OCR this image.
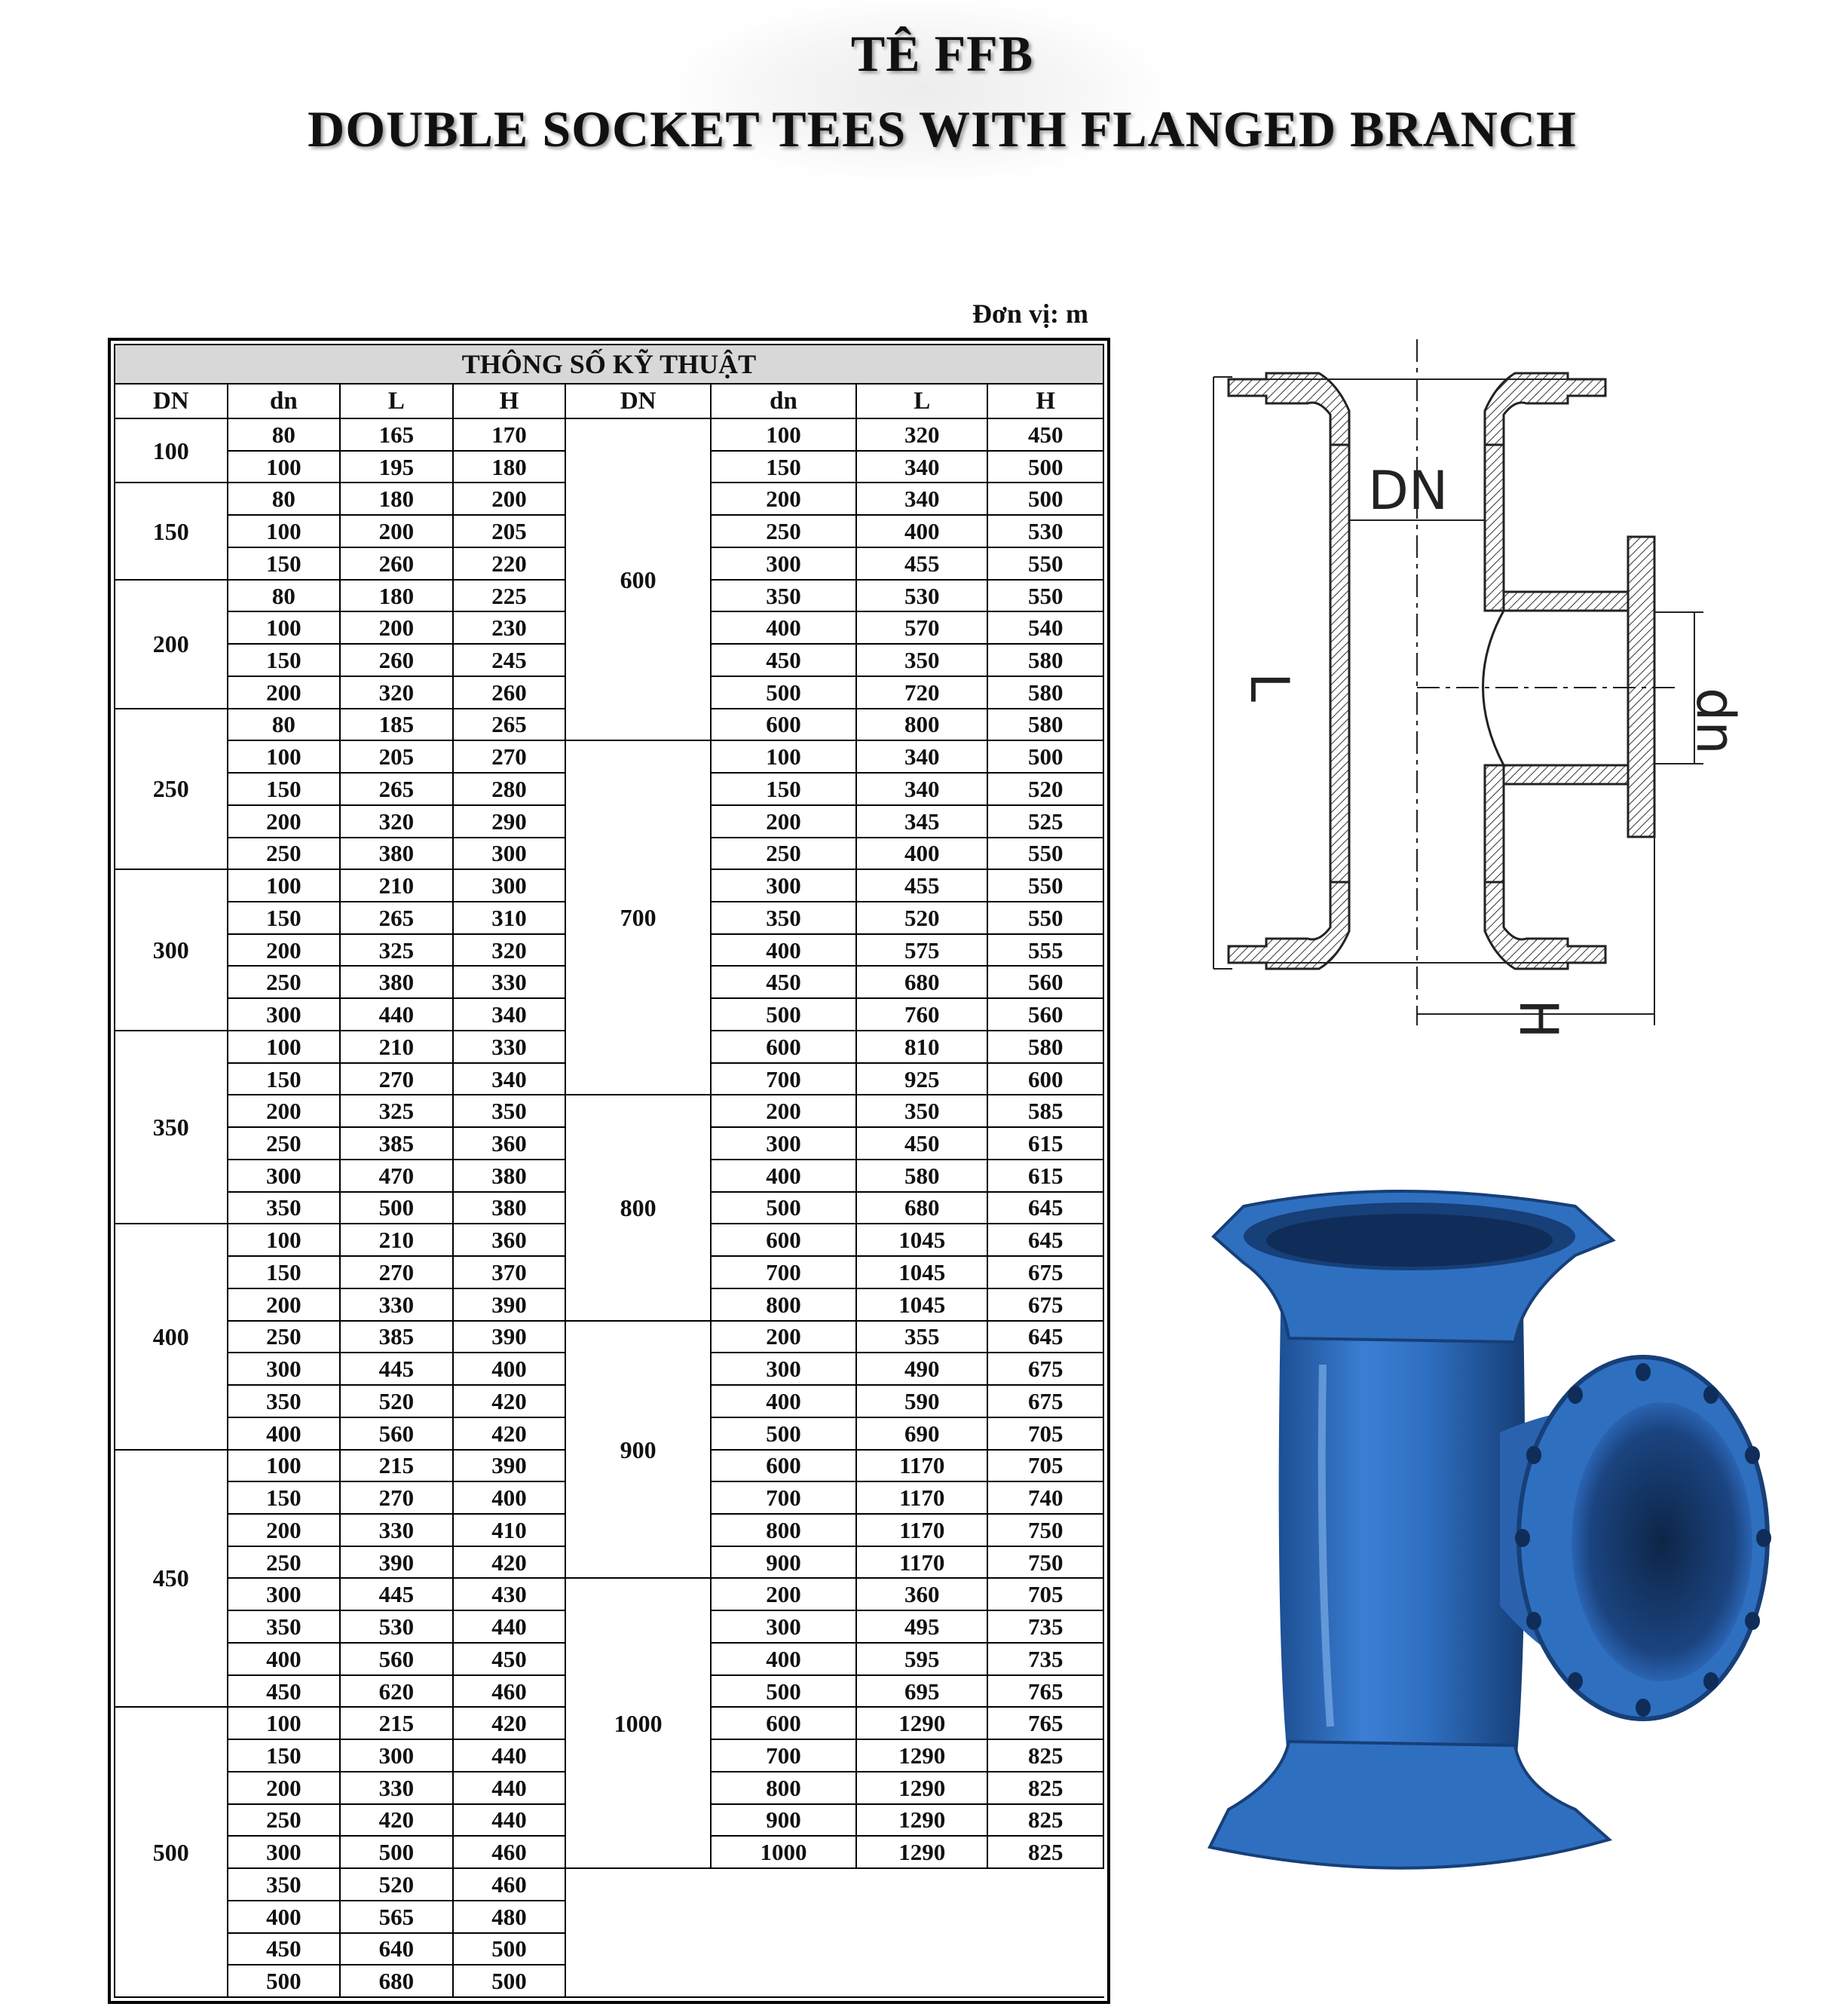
TÊ FFB
DOUBLE SOCKET TEES WITH FLANGED BRANCH
Đơn vị: m
THÔNG SỐ KỸ THUẬT							
DN	dn	L	H	DN	dn	L	H
100	80	165	170	600	100	320	450
	100	195	180		150	340	500
150	80	180	200		200	340	500
	100	200	205		250	400	530
	150	260	220		300	455	550
200	80	180	225		350	530	550
	100	200	230		400	570	540
	150	260	245		450	350	580
	200	320	260		500	720	580
250	80	185	265		600	800	580
	100	205	270	700	100	340	500
	150	265	280		150	340	520
	200	320	290		200	345	525
	250	380	300		250	400	550
300	100	210	300		300	455	550
	150	265	310		350	520	550
	200	325	320		400	575	555
	250	380	330		450	680	560
	300	440	340		500	760	560
350	100	210	330		600	810	580
	150	270	340		700	925	600
	200	325	350	800	200	350	585
	250	385	360		300	450	615
	300	470	380		400	580	615
	350	500	380		500	680	645
400	100	210	360		600	1045	645
	150	270	370		700	1045	675
	200	330	390		800	1045	675
	250	385	390	900	200	355	645
	300	445	400		300	490	675
	350	520	420		400	590	675
	400	560	420		500	690	705
450	100	215	390		600	1170	705
	150	270	400		700	1170	740
	200	330	410		800	1170	750
	250	390	420		900	1170	750
	300	445	430	1000	200	360	705
	350	530	440		300	495	735
	400	560	450		400	595	735
	450	620	460		500	695	765
500	100	215	420		600	1290	765
	150	300	440		700	1290	825
	200	330	440		800	1290	825
	250	420	440		900	1290	825
	300	500	460		1000	1290	825
	350	520	460				
	400	565	480				
	450	640	500				
	500	680	500				
DN
dn
L
H
